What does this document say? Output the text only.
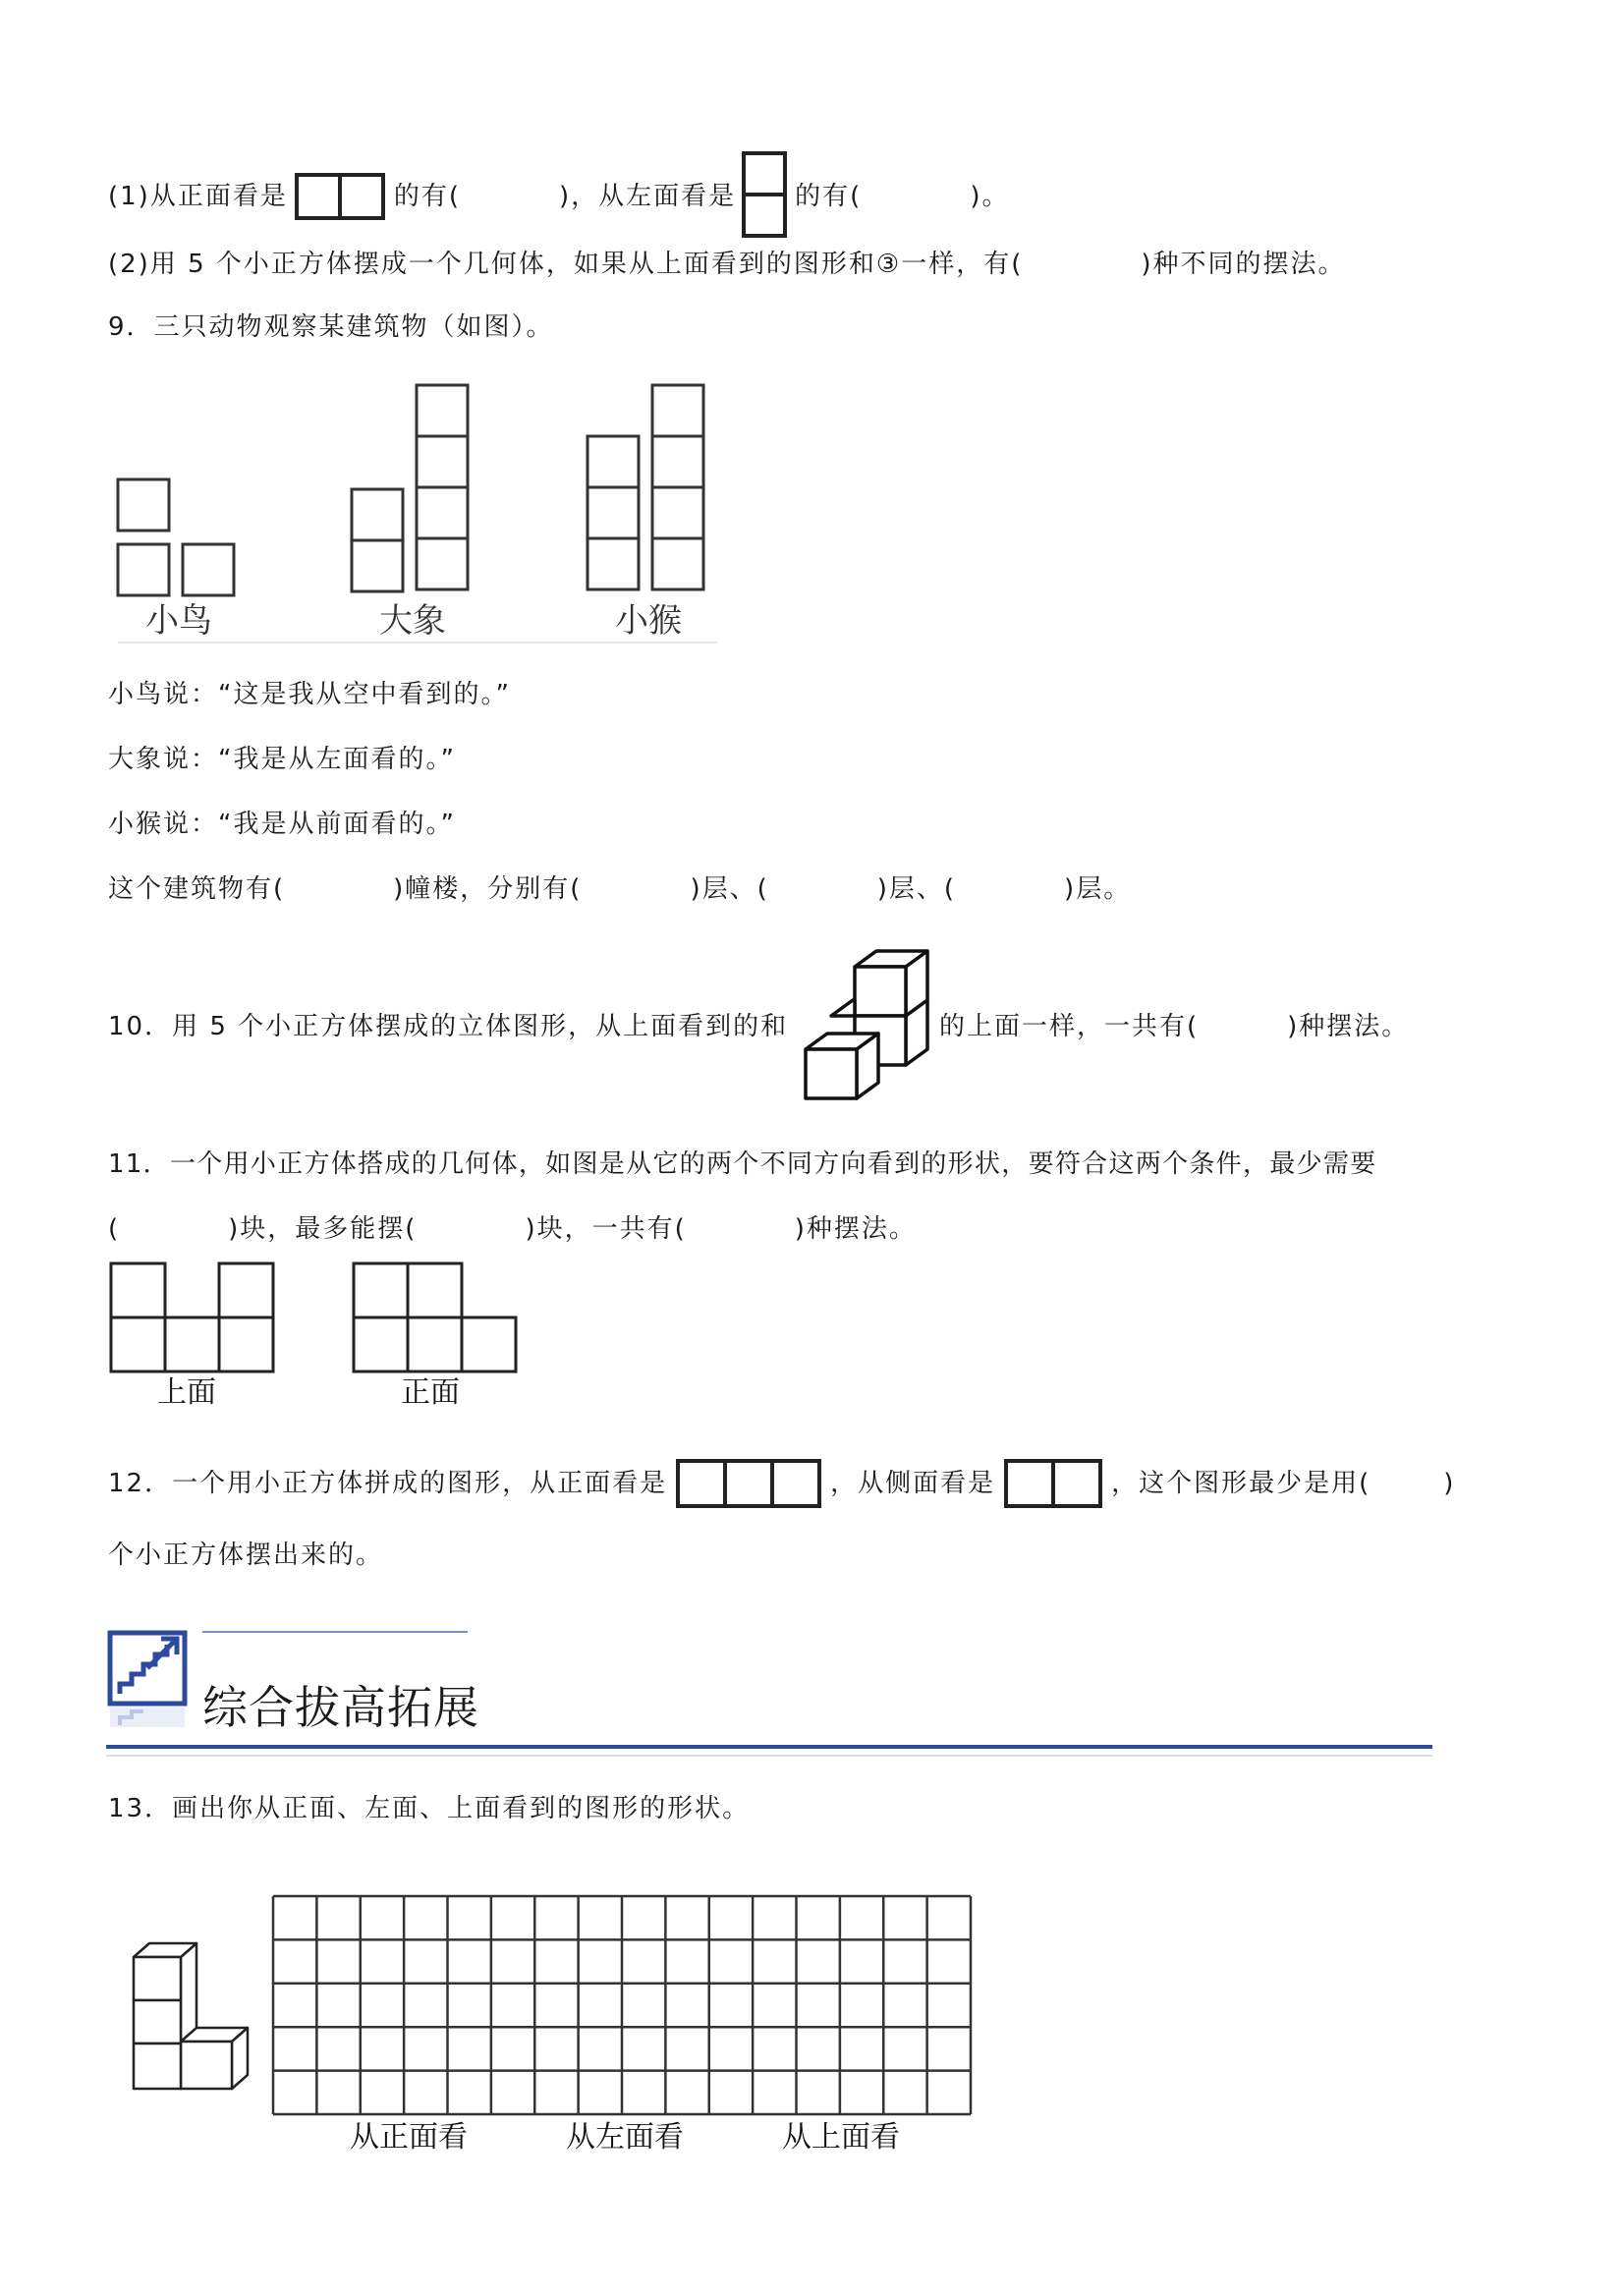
(1)从正面看是	的有(	)，从左面看是 的有(	)。
(2)用 5 个小正方体摆成一个几何体，如果从上面看到的图形和③一样，有(	)种不同的摆法。
9．三只动物观察某建筑物（如图）。
小鸟	大象	小猴
小鸟说：“这是我从空中看到的。”
大象说：“我是从左面看的。”
小猴说：“我是从前面看的。”
这个建筑物有(	)幢楼，分别有(	)层、(	)层、(	)层。
10．用 5 个小正方体摆成的立体图形，从上面看到的和	的上面一样，一共有(	)种摆法。
11．一个用小正方体搭成的几何体，如图是从它的两个不同方向看到的形状，要符合这两个条件，最少需要
(	)块，最多能摆(	)块，一共有(	)种摆法。
上面	正面
12．一个用小正方体拼成的图形，从正面看是	，从侧面看是	，这个图形最少是用(	)
个小正方体摆出来的。
综合拔高拓展
13．画出你从正面、左面、上面看到的图形的形状。
从正面看	从左面看	从上面看
